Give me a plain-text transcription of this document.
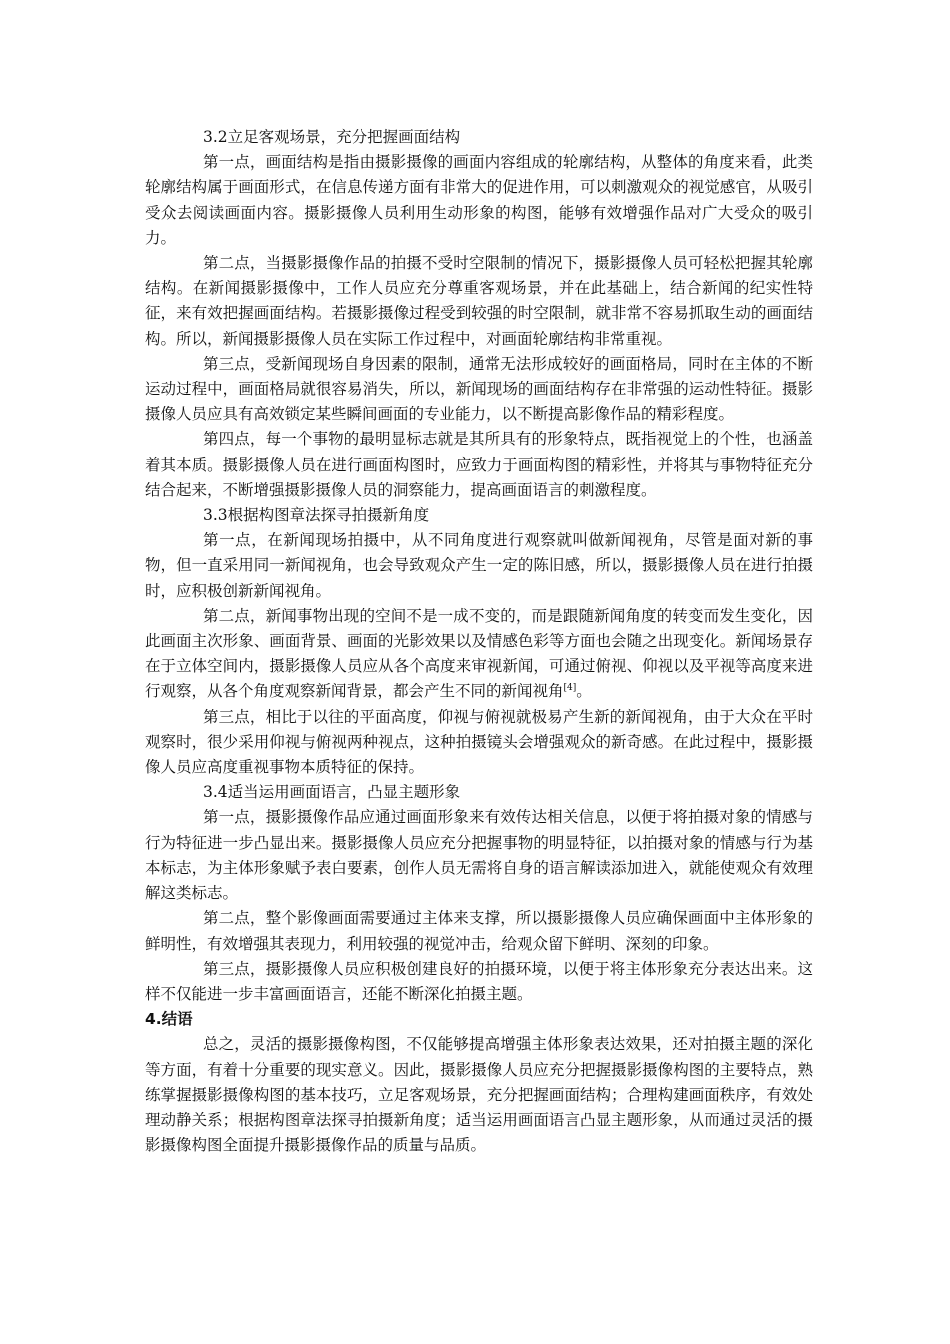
3.2立足客观场景，充分把握画面结构

第一点，画面结构是指由摄影摄像的画面内容组成的轮廓结构，从整体的角度来看，此类轮廓结构属于画面形式，在信息传递方面有非常大的促进作用，可以刺激观众的视觉感官，从吸引受众去阅读画面内容。摄影摄像人员利用生动形象的构图，能够有效增强作品对广大受众的吸引力。

第二点，当摄影摄像作品的拍摄不受时空限制的情况下，摄影摄像人员可轻松把握其轮廓结构。在新闻摄影摄像中，工作人员应充分尊重客观场景，并在此基础上，结合新闻的纪实性特征，来有效把握画面结构。若摄影摄像过程受到较强的时空限制，就非常不容易抓取生动的画面结构。所以，新闻摄影摄像人员在实际工作过程中，对画面轮廓结构非常重视。

第三点，受新闻现场自身因素的限制，通常无法形成较好的画面格局，同时在主体的不断运动过程中，画面格局就很容易消失，所以，新闻现场的画面结构存在非常强的运动性特征。摄影摄像人员应具有高效锁定某些瞬间画面的专业能力，以不断提高影像作品的精彩程度。

第四点，每一个事物的最明显标志就是其所具有的形象特点，既指视觉上的个性，也涵盖着其本质。摄影摄像人员在进行画面构图时，应致力于画面构图的精彩性，并将其与事物特征充分结合起来，不断增强摄影摄像人员的洞察能力，提高画面语言的刺激程度。

3.3根据构图章法探寻拍摄新角度

第一点，在新闻现场拍摄中，从不同角度进行观察就叫做新闻视角，尽管是面对新的事物，但一直采用同一新闻视角，也会导致观众产生一定的陈旧感，所以，摄影摄像人员在进行拍摄时，应积极创新新闻视角。

第二点，新闻事物出现的空间不是一成不变的，而是跟随新闻角度的转变而发生变化，因此画面主次形象、画面背景、画面的光影效果以及情感色彩等方面也会随之出现变化。新闻场景存在于立体空间内，摄影摄像人员应从各个高度来审视新闻，可通过俯视、仰视以及平视等高度来进行观察，从各个角度观察新闻背景，都会产生不同的新闻视角[4]。

第三点，相比于以往的平面高度，仰视与俯视就极易产生新的新闻视角，由于大众在平时观察时，很少采用仰视与俯视两种视点，这种拍摄镜头会增强观众的新奇感。在此过程中，摄影摄像人员应高度重视事物本质特征的保持。

3.4适当运用画面语言，凸显主题形象

第一点，摄影摄像作品应通过画面形象来有效传达相关信息，以便于将拍摄对象的情感与行为特征进一步凸显出来。摄影摄像人员应充分把握事物的明显特征，以拍摄对象的情感与行为基本标志，为主体形象赋予表白要素，创作人员无需将自身的语言解读添加进入，就能使观众有效理解这类标志。

第二点，整个影像画面需要通过主体来支撑，所以摄影摄像人员应确保画面中主体形象的鲜明性，有效增强其表现力，利用较强的视觉冲击，给观众留下鲜明、深刻的印象。

第三点，摄影摄像人员应积极创建良好的拍摄环境，以便于将主体形象充分表达出来。这样不仅能进一步丰富画面语言，还能不断深化拍摄主题。

4.结语

总之，灵活的摄影摄像构图，不仅能够提高增强主体形象表达效果，还对拍摄主题的深化等方面，有着十分重要的现实意义。因此，摄影摄像人员应充分把握摄影摄像构图的主要特点，熟练掌握摄影摄像构图的基本技巧，立足客观场景，充分把握画面结构；合理构建画面秩序，有效处理动静关系；根据构图章法探寻拍摄新角度；适当运用画面语言凸显主题形象，从而通过灵活的摄影摄像构图全面提升摄影摄像作品的质量与品质。
